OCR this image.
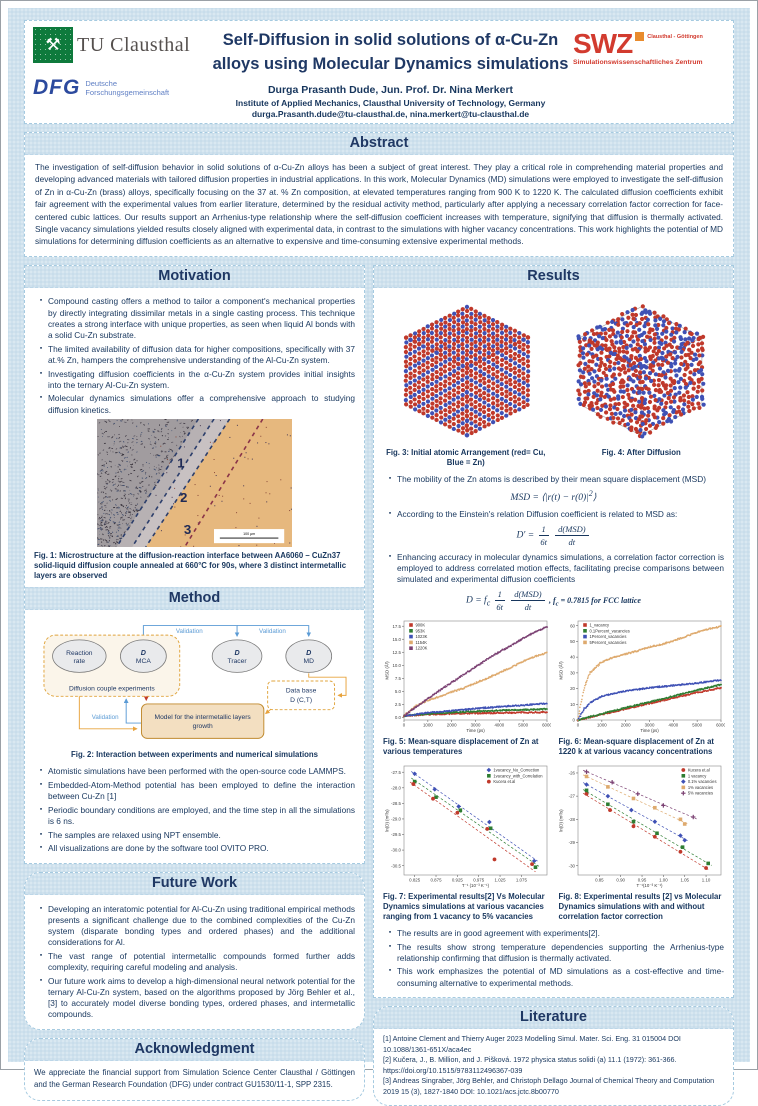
⚒ TU Clausthal
DFG Deutsche
Forschungsgemeinschaft
Self-Diffusion in solid solutions of α-Cu-Zn
alloys using Molecular Dynamics simulations
Durga Prasanth Dude, Jun. Prof. Dr. Nina Merkert
Institute of Applied Mechanics, Clausthal University of Technology, Germany
durga.Prasanth.dude@tu-clausthal.de, nina.merkert@tu-clausthal.de
SWZ	Clausthal - Göttingen
Simulationswissenschaftliches Zentrum
Abstract
The investigation of self-diffusion behavior in solid solutions of α-Cu-Zn alloys has been a subject of great interest. They play a critical role in comprehending material properties and developing advanced materials with tailored diffusion properties in industrial applications. In this work, Molecular Dynamics (MD) simulations were employed to investigate the self-diffusion of Zn in α-Cu-Zn (brass) alloys, specifically focusing on the 37 at. % Zn composition, at elevated temperatures ranging from 900 K to 1220 K. The calculated diffusion coefficients exhibit fair agreement with the experimental values from earlier literature, determined by the residual activity method, particularly after applying a necessary correlation factor correction for face-centered cubic lattices. Our results support an Arrhenius-type relationship where the self-diffusion coefficient increases with temperature, signifying that diffusion is thermally activated. Single vacancy simulations yielded results closely aligned with experimental data, in contrast to the simulations with higher vacancy concentrations. This work highlights the potential of MD simulations for determining diffusion coefficients as an alternative to expensive and time-consuming extensive experimental methods.
Motivation
▪ Compound casting offers a method to tailor a component's mechanical properties by directly integrating dissimilar metals in a single casting process. This technique creates a strong interface with unique properties, as seen when liquid Al bonds with a solid Cu-Zn substrate.
▪ The limited availability of diffusion data for higher compositions, specifically with 37 at.% Zn, hampers the comprehensive understanding of the Al-Cu-Zn system.
▪ Investigating diffusion coefficients in the α-Cu-Zn system provides initial insights into the ternary Al-Cu-Zn system.
▪ Molecular dynamics simulations offer a comprehensive approach to studying diffusion kinetics.
Fig. 1: Microstructure at the diffusion-reaction interface between AA6060 – CuZn37 solid-liquid diffusion couple annealed at 660°C for 90s, where 3 distinct intermetallic layers are observed
Method
Reaction
rate
D
MCA
D
Tracer
D
MD
Diffusion couple experiments
Validation	Validation
Validation
Data base
D (C,T)
Model for the intermetallic layers
growth
Fig. 2: Interaction between experiments and numerical simulations
▪ Atomistic simulations have been performed with the open-source code LAMMPS.
▪ Embedded-Atom-Method potential has been employed to define the interaction between Cu-Zn [1]
▪ Periodic boundary conditions are employed, and the time step in all the simulations is 6 ns.
▪ The samples are relaxed using NPT ensemble.
▪ All visualizations are done by the software tool OVITO PRO.
Future Work
▪ Developing an interatomic potential for Al-Cu-Zn using traditional empirical methods presents a significant challenge due to the combined complexities of the Cu-Zn system (disparate bonding types and ordered phases) and the additional considerations for Al.
▪ The vast range of potential intermetallic compounds formed further adds complexity, requiring careful modeling and analysis.
▪ Our future work aims to develop a high-dimensional neural network potential for the ternary Al-Cu-Zn system, based on the algorithms proposed by Jörg Behler et al.,[3] to accurately model diverse bonding types, ordered phases, and intermetallic compounds.
Acknowledgment
We appreciate the financial support from Simulation Science Center Clausthal / Göttingen and the German Research Foundation (DFG) under contract GU1530/11-1, SPP 2315.
Results
Fig. 3: Initial atomic Arrangement (red= Cu, Blue = Zn)
Fig. 4: After Diffusion
▪ The mobility of the Zn atoms is described by their mean square displacement (MSD)
MSD = ⟨|r(t) − $r(0)|^2⟩$
▪ According to the Einstein's relation Diffusion coefficient is related to MSD as:
$D' = \frac{1}{6t}$
$\frac{\text{d(MSD)}}{dt}$
▪ Enhancing accuracy in molecular dynamics simulations, a correlation factor correction is employed to address correlated motion effects, facilitating precise comparisons between simulated and experimental diffusion coefficients
$D = f_c \frac{1}{6t}$
$\frac{\text{d(MSD)}}{dt}$ , $f_c = 0.7815$ for FCC lattice
Fig. 5: Mean-square displacement of Zn at various temperatures
Fig. 6: Mean-square displacement of Zn at 1220 k at various vacancy concentrations
Fig. 7: Experimental results[2] Vs Molecular Dynamics simulations at various vacancies ranging from 1 vacancy to 5% vacancies
Fig. 8: Experimental results [2] vs Molecular Dynamics simulations with and without correlation factor correction
▪ The results are in good agreement with experiments[2].
▪ The results show strong temperature dependencies supporting the Arrhenius-type relationship confirming that diffusion is thermally activated.
▪ This work emphasizes the potential of MD simulations as a cost-effective and time-consuming alternative to experimental methods.
Literature
[1] Antoine Clement and Thierry Auger 2023 Modelling Simul. Mater. Sci. Eng. 31 015004 DOI 10.1088/1361-651X/aca4ec
[2] Kučera, J., B. Million, and J. Pišková. 1972 physica status solidi (a) 11.1 (1972): 361-366. https://doi.org/10.1515/9783112496367-039
[3] Andreas Singraber, Jörg Behler, and Christoph Dellago Journal of Chemical Theory and Computation 2019 15 (3), 1827-1840 DOI: 10.1021/acs.jctc.8b00770
